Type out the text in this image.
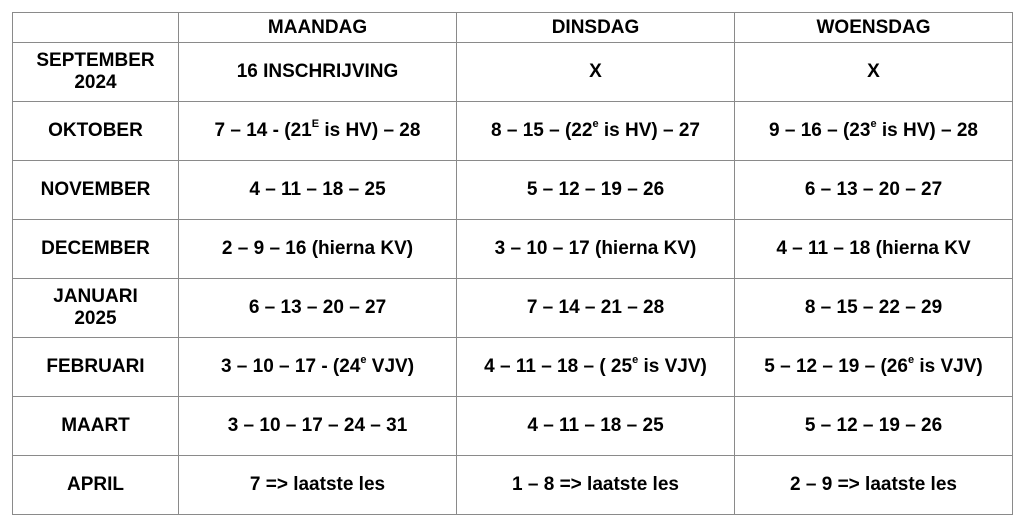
	MAANDAG	DINSDAG	WOENSDAG

SEPTEMBER
2024	16 INSCHRIJVING	X	X

OKTOBER	$7 - 14 - (21^E$ is HV) – 28	8 – 15 – (22e is HV) – 27	9 – 16 – (23e is HV) – 28

NOVEMBER	4 – 11 – 18 – 25	5 – 12 – 19 – 26	6 – 13 – 20 – 27

DECEMBER	2 – 9 – 16 (hierna KV)	3 – 10 – 17 (hierna KV)	4 – 11 – 18 (hierna KV

JANUARI
2025	6 – 13 – 20 – 27	7 – 14 – 21 – 28	8 – 15 – 22 – 29

FEBRUARI	3 – 10 – 17 - (24e VJV)	4 – 11 – 18 – ( 25e is VJV)	5 – 12 – 19 – (26e is VJV)

MAART	3 – 10 – 17 – 24 – 31	4 – 11 – 18 – 25	5 – 12 – 19 – 26

APRIL	7 => laatste les	1 – 8 => laatste les	2 – 9 => laatste les
